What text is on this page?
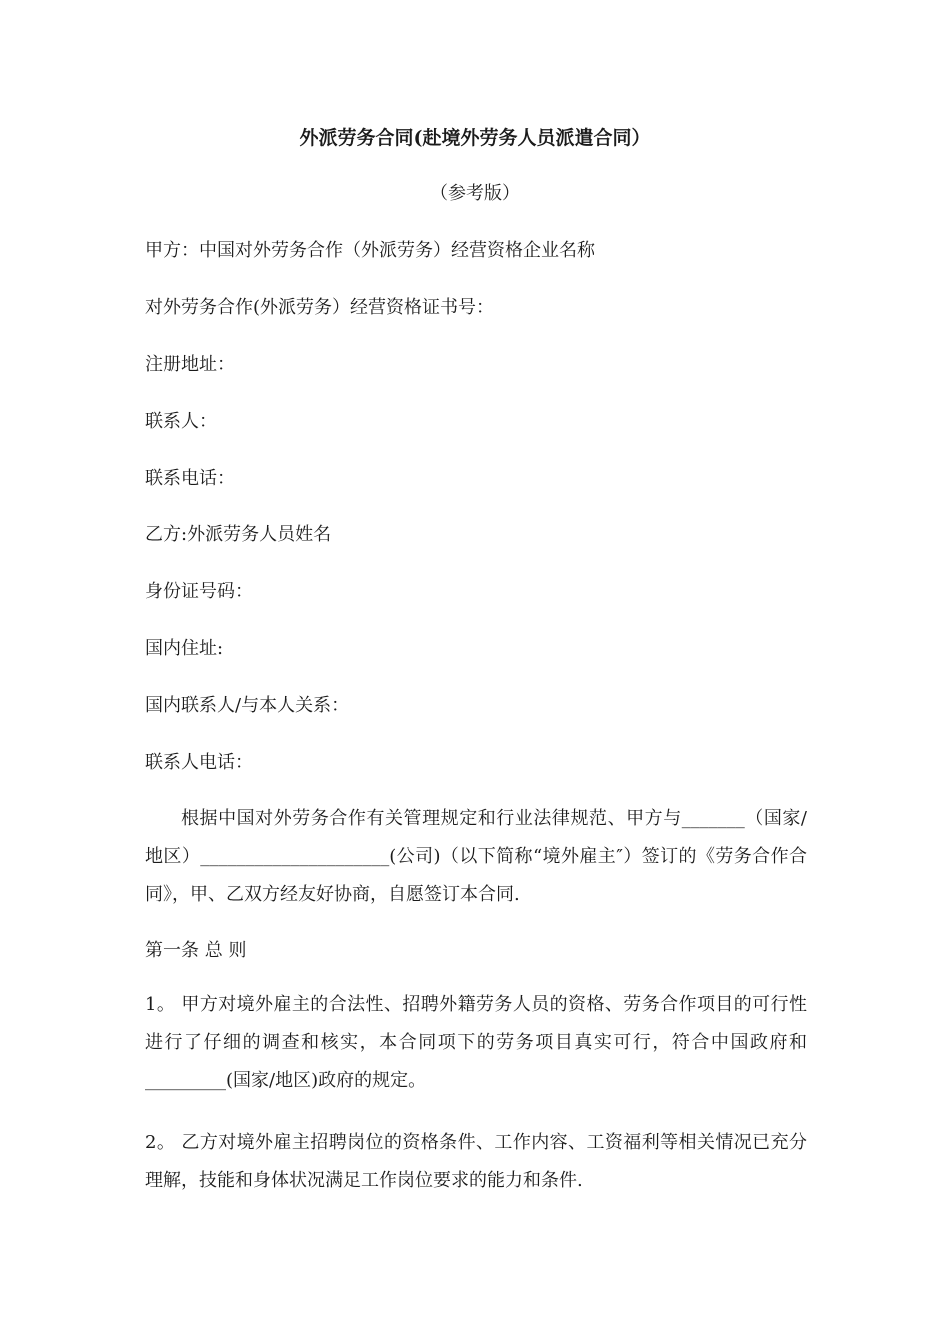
外派劳务合同(赴境外劳务人员派遣合同）
（参考版）
甲方：中国对外劳务合作（外派劳务）经营资格企业名称
对外劳务合作(外派劳务）经营资格证书号：
注册地址：
联系人：
联系电话：
乙方:外派劳务人员姓名
身份证号码：
国内住址:
国内联系人/与本人关系：
联系人电话：
根据中国对外劳务合作有关管理规定和行业法律规范、甲方与_______（国家/地区）_____________________(公司)（以下简称“境外雇主″）签订的《劳务合作合同》，甲、乙双方经友好协商，自愿签订本合同.
第一条 总 则
1。 甲方对境外雇主的合法性、招聘外籍劳务人员的资格、劳务合作项目的可行性进行了仔细的调查和核实，本合同项下的劳务项目真实可行，符合中国政府和_________(国家/地区)政府的规定。
2。 乙方对境外雇主招聘岗位的资格条件、工作内容、工资福利等相关情况已充分理解，技能和身体状况满足工作岗位要求的能力和条件.
